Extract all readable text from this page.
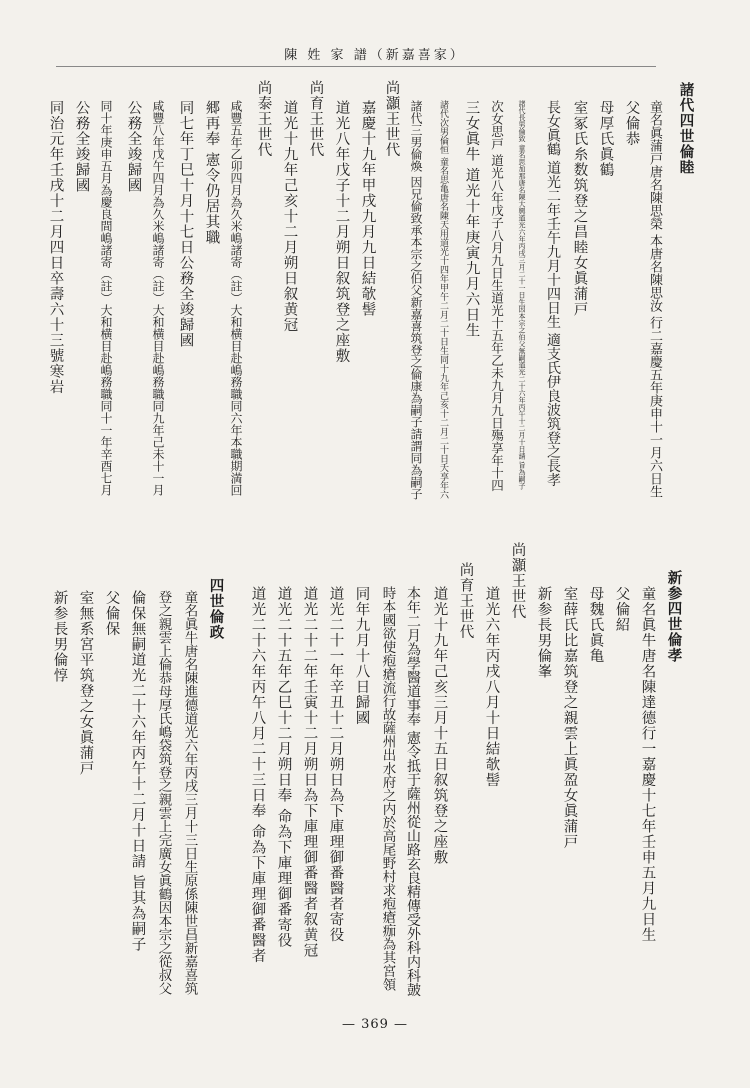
陳 姓 家 譜（新嘉喜家）
諸代四世倫睦
童名眞蒲戸唐名陳思榮 本唐名陳思汝 行二嘉慶五年庚申十一月六日生
父倫恭
母厚氏眞鶴
室冢氏糸数筑登之昌睦女眞蒲戸
長女眞鶴 道光二年壬午九月十四日生 適支氏伊良波筑登之長孝
諸代長男倫致 童名思加那唐名陳大興道光六年丙戌三月二十一日生因本宗之伯父無嗣道光二十六年丙午十二月十日請 旨為嗣子
次女思戸 道光八年戊子八月九日生道光十五年乙未九月九日殤享年十四
三女眞牛 道光十年庚寅九月六日生
諸代次男倫恒 童名思亀唐名陳天用道光十四年甲午二月二十日生同十九年己亥十二月二十日夭享年六
諸代三男倫煥 因兄倫致承本宗之伯父新嘉喜筑登之倫康為嗣子請謂同為嗣子
尚灝王世代
嘉慶十九年甲戌九月九日結欹髻
道光八年戊子十二月朔日叙筑登之座敷
尚育王世代
道光十九年己亥十二月朔日叙黄冠
尚泰王世代
咸豐五年乙卯四月為久米嶋諸寄（註）大和横目赴嶋務職同六年本職期満回
郷再奉 憲令仍居其職
同七年丁巳十月十七日公務全竣歸國
咸豐八年戊午四月為久米嶋諸寄（註）大和横目赴嶋務職同九年己未十一月
公務全竣歸國
同十年庚申五月為慶良間嶋諸寄（註）大和横目赴嶋務職同十一年辛酉七月
公務全竣歸國
同治元年壬戌十二月四日卒壽六十三號寒岩
新参四世倫孝
童名眞牛唐名陳達德行一嘉慶十七年壬申五月九日生
父倫紹
母魏氏眞亀
室薛氏比嘉筑登之親雲上眞盈女眞蒲戸
新参長男倫峯
尚灝王世代
道光六年丙戌八月十日結欹髻
尚育王世代
道光十九年己亥三月十五日叙筑登之座敷
本年二月為學醫道事奉 憲令抵于薩州從山路玄良精傳受外科内科皷
時本國欲使疱瘡流行故薩州出水府之内於高尾野村求疱瘡痂為其宮領
同年九月十八日歸國
道光二十一年辛丑十二月朔日為下庫理御番醫者寄役
道光二十二年壬寅十二月朔日為下庫理御番醫者叙黄冠
道光二十五年乙巳十二月朔日奉 命為下庫理御番寄役
道光二十六年丙午八月二十三日奉 命為下庫理御番醫者
四世倫政
童名眞牛唐名陳進德道光六年丙戌三月十三日生原係陳世昌新嘉喜筑
登之親雲上倫恭母厚氏嶋袋筑登之親雲上完廣女眞鶴因本宗之從叔父
倫保無嗣道光二十六年丙午十二月十日請 旨其為嗣子
父倫保
室無系宮平筑登之女眞蒲戸
新参長男倫惇
— 369 —
